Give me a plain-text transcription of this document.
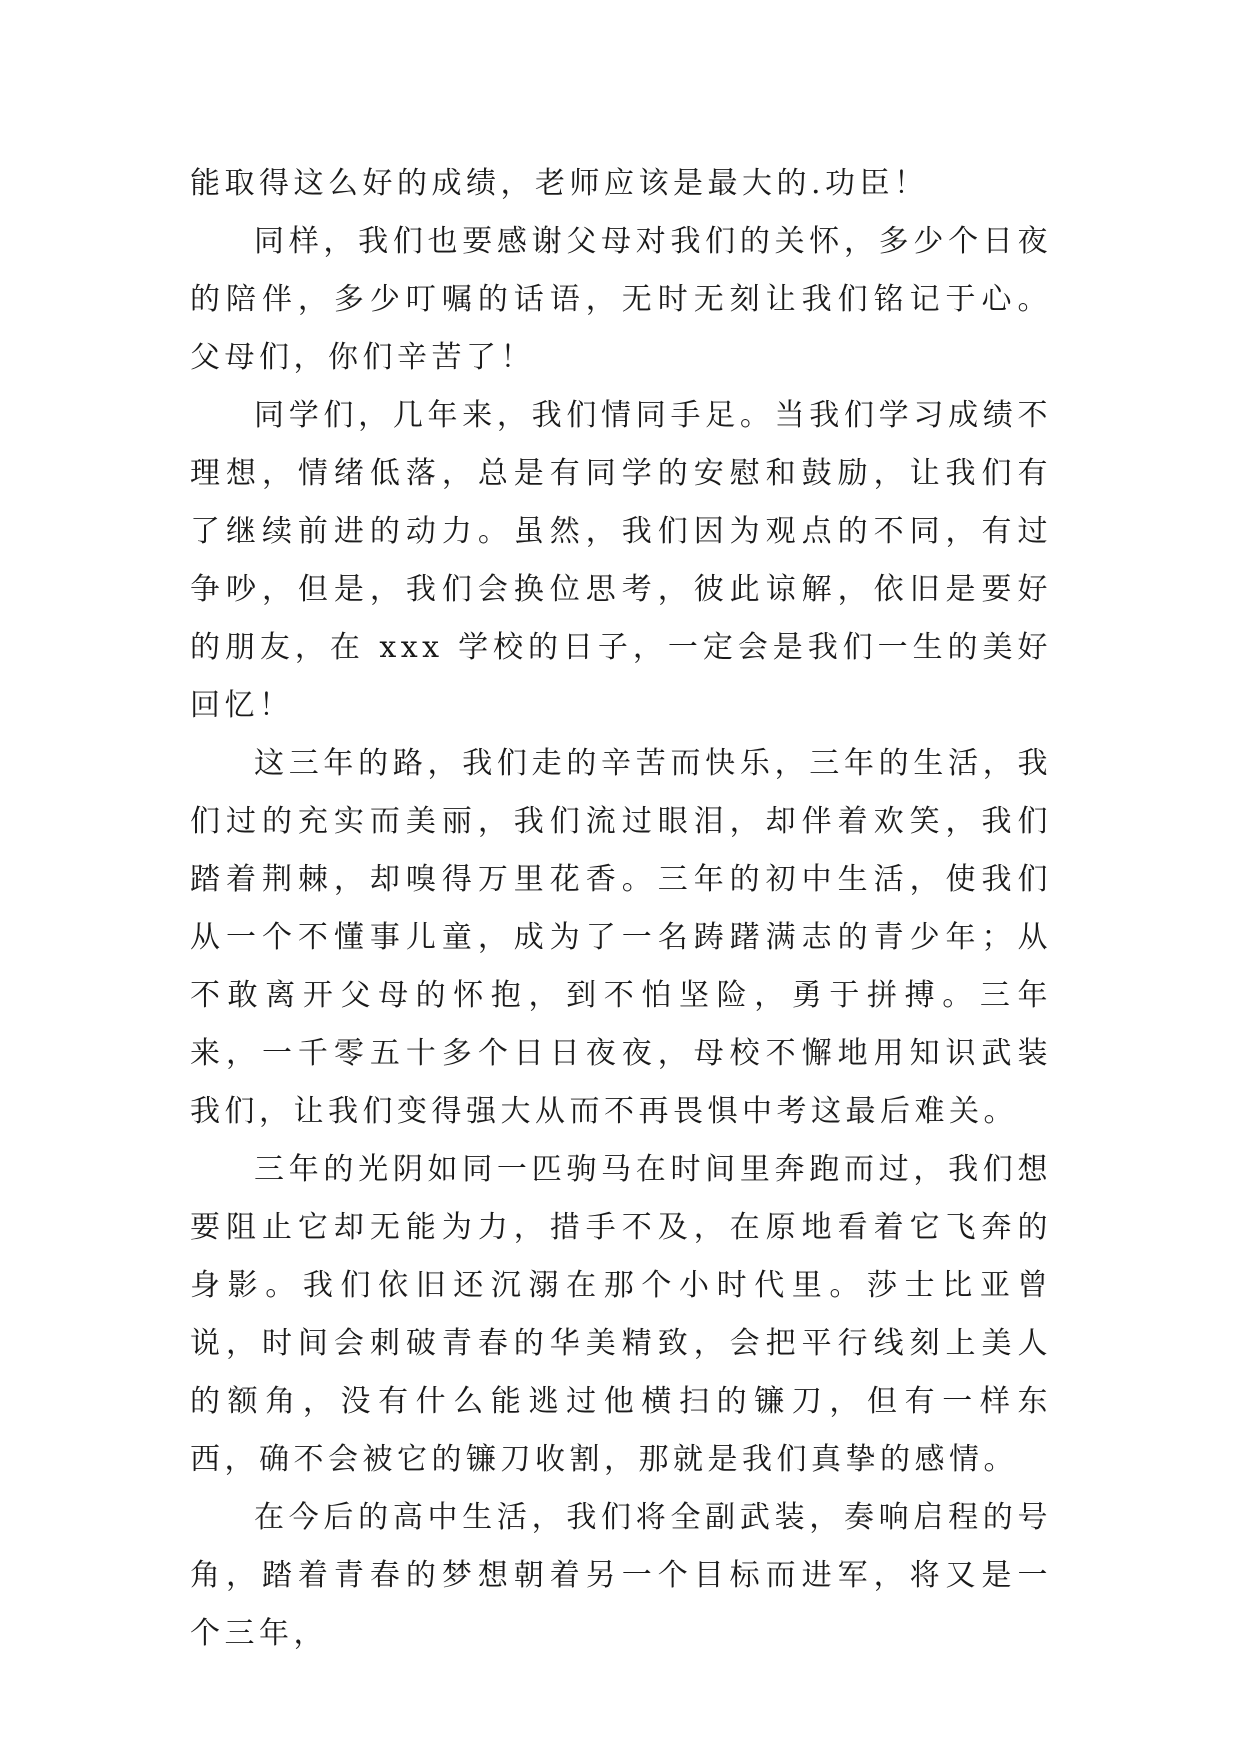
能取得这么好的成绩，老师应该是最大的.功臣！

同样，我们也要感谢父母对我们的关怀，多少个日夜的陪伴，多少叮嘱的话语，无时无刻让我们铭记于心。父母们，你们辛苦了！

同学们，几年来，我们情同手足。当我们学习成绩不理想，情绪低落，总是有同学的安慰和鼓励，让我们有了继续前进的动力。虽然，我们因为观点的不同，有过争吵，但是，我们会换位思考，彼此谅解，依旧是要好的朋友，在 xxx 学校的日子，一定会是我们一生的美好回忆！

这三年的路，我们走的辛苦而快乐，三年的生活，我们过的充实而美丽，我们流过眼泪，却伴着欢笑，我们踏着荆棘，却嗅得万里花香。三年的初中生活，使我们从一个不懂事儿童，成为了一名踌躇满志的青少年；从不敢离开父母的怀抱，到不怕坚险，勇于拼搏。三年来，一千零五十多个日日夜夜，母校不懈地用知识武装我们，让我们变得强大从而不再畏惧中考这最后难关。

三年的光阴如同一匹驹马在时间里奔跑而过，我们想要阻止它却无能为力，措手不及，在原地看着它飞奔的身影。我们依旧还沉溺在那个小时代里。莎士比亚曾说，时间会刺破青春的华美精致，会把平行线刻上美人的额角，没有什么能逃过他横扫的镰刀，但有一样东西，确不会被它的镰刀收割，那就是我们真挚的感情。

在今后的高中生活，我们将全副武装，奏响启程的号角，踏着青春的梦想朝着另一个目标而进军，将又是一个三年，
